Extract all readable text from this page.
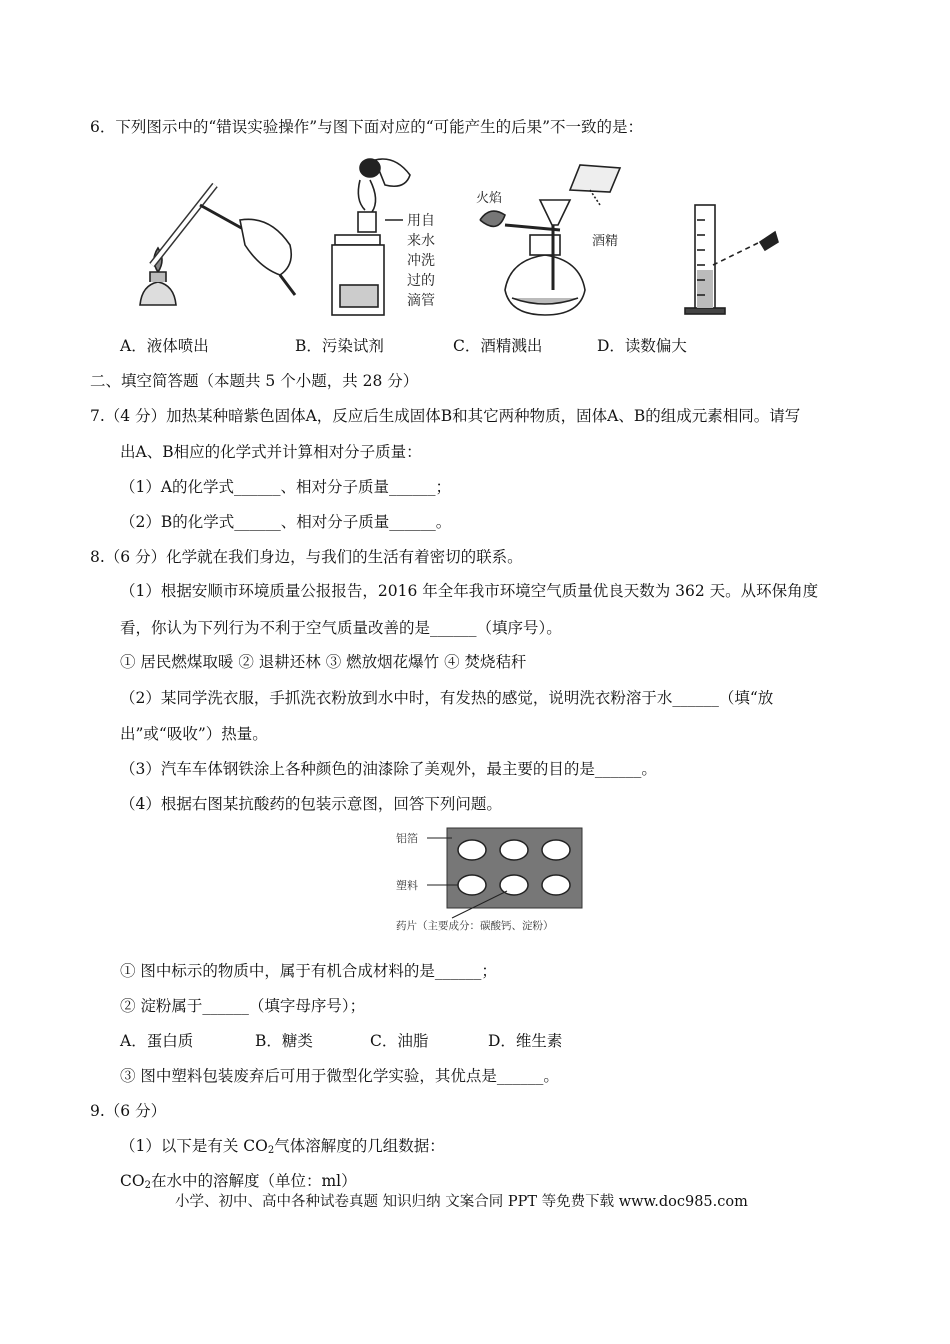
6．下列图示中的“错误实验操作”与图下面对应的“可能产生的后果”不一致的是：
用自
来水
冲洗
过的
滴管
火焰
酒精
A．液体喷出	B．污染试剂	C．酒精溅出	D．读数偏大
二、填空简答题（本题共 5 个小题，共 28 分）
7.（4 分）加热某种暗紫色固体A，反应后生成固体B和其它两种物质，固体A、B的组成元素相同。请写
出A、B相应的化学式并计算相对分子质量：
（1）A的化学式______、相对分子质量______；
（2）B的化学式______、相对分子质量______。
8.（6 分）化学就在我们身边，与我们的生活有着密切的联系。
（1）根据安顺市环境质量公报报告，2016 年全年我市环境空气质量优良天数为 362 天。从环保角度
看，你认为下列行为不利于空气质量改善的是______（填序号）。
① 居民燃煤取暖 ② 退耕还林 ③ 燃放烟花爆竹 ④ 焚烧秸秆
（2）某同学洗衣服，手抓洗衣粉放到水中时，有发热的感觉，说明洗衣粉溶于水______（填“放
出”或“吸收”）热量。
（3）汽车车体钢铁涂上各种颜色的油漆除了美观外，最主要的目的是______。
（4）根据右图某抗酸药的包装示意图，回答下列问题。
铝箔
塑料
药片（主要成分：碳酸钙、淀粉）
① 图中标示的物质中，属于有机合成材料的是______；
② 淀粉属于______（填字母序号）；
A．蛋白质	B．糖类	C．油脂	D．维生素
③ 图中塑料包装废弃后可用于微型化学实验，其优点是______。
9.（6 分）
（1）以下是有关 $CO_2$气体溶解度的几组数据：
$CO_2$在水中的溶解度（单位：ml）
小学、初中、高中各种试卷真题 知识归纳 文案合同 PPT 等免费下载 www.doc985.com
